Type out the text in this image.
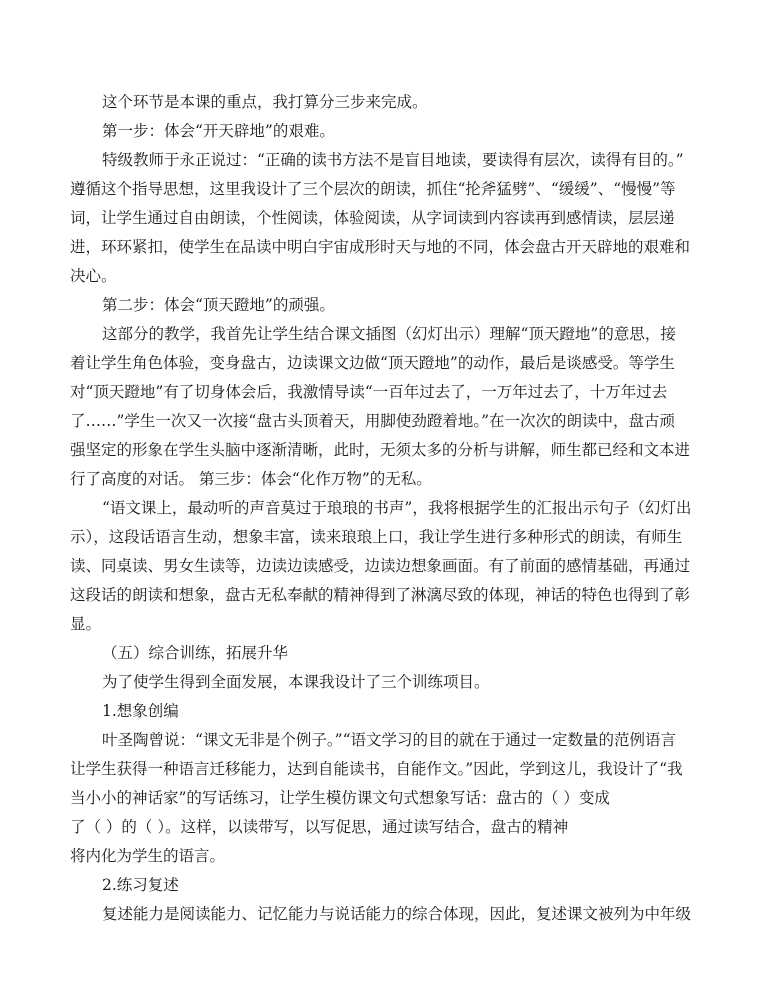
这个环节是本课的重点，我打算分三步来完成。

第一步：体会“开天辟地”的艰难。

特级教师于永正说过：“正确的读书方法不是盲目地读，要读得有层次，读得有目的。”

遵循这个指导思想，这里我设计了三个层次的朗读，抓住“抡斧猛劈”、“缓缓”、“慢慢”等

词，让学生通过自由朗读，个性阅读，体验阅读，从字词读到内容读再到感情读，层层递

进，环环紧扣，使学生在品读中明白宇宙成形时天与地的不同，体会盘古开天辟地的艰难和

决心。

第二步：体会“顶天蹬地”的顽强。

这部分的教学，我首先让学生结合课文插图（幻灯出示）理解“顶天蹬地”的意思，接

着让学生角色体验，变身盘古，边读课文边做“顶天蹬地”的动作，最后是谈感受。等学生

对“顶天蹬地”有了切身体会后，我激情导读“一百年过去了，一万年过去了，十万年过去

了……”学生一次又一次接“盘古头顶着天，用脚使劲蹬着地。”在一次次的朗读中，盘古顽

强坚定的形象在学生头脑中逐渐清晰，此时，无须太多的分析与讲解，师生都已经和文本进

行了高度的对话。 第三步：体会“化作万物”的无私。

“语文课上，最动听的声音莫过于琅琅的书声”，我将根据学生的汇报出示句子（幻灯出

示），这段话语言生动，想象丰富，读来琅琅上口，我让学生进行多种形式的朗读，有师生

读、同桌读、男女生读等，边读边读感受，边读边想象画面。有了前面的感情基础，再通过

这段话的朗读和想象，盘古无私奉献的精神得到了淋漓尽致的体现，神话的特色也得到了彰

显。

（五）综合训练，拓展升华

为了使学生得到全面发展，本课我设计了三个训练项目。

1.想象创编

叶圣陶曾说：“课文无非是个例子。”“语文学习的目的就在于通过一定数量的范例语言

让学生获得一种语言迁移能力，达到自能读书，自能作文。”因此，学到这儿，我设计了“我

当小小的神话家”的写话练习，让学生模仿课文句式想象写话：盘古的（ ）变成

了（ ）的（ ）。这样，以读带写，以写促思，通过读写结合，盘古的精神

将内化为学生的语言。

2.练习复述

复述能力是阅读能力、记忆能力与说话能力的综合体现，因此，复述课文被列为中年级
